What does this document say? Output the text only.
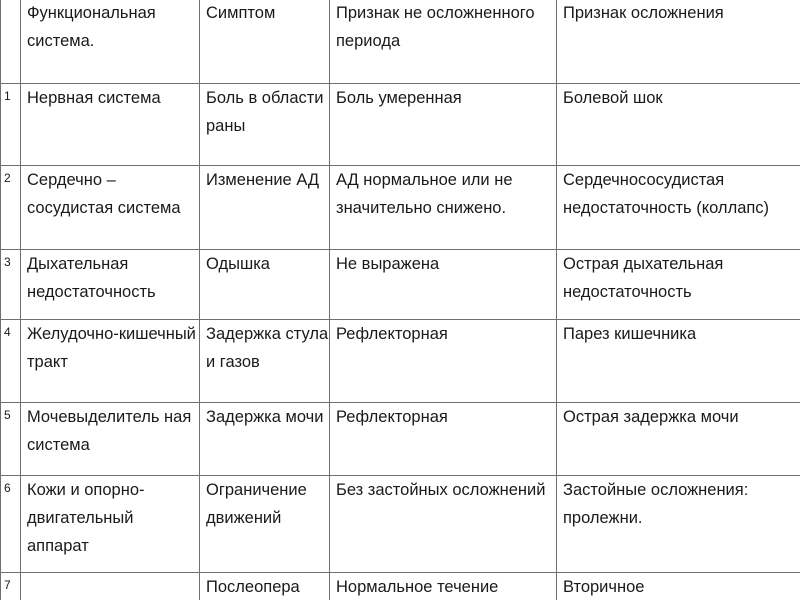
	Функциональная система.	Симптом	Признак не осложненного периода	Признак осложнения

1	Нервная система	Боль в области раны	Боль умеренная	Болевой шок
2	Сердечно – сосудистая система	Изменение АД	АД нормальное или не значительно снижено.	Сердечнососудистая недостаточность (коллапс)
3	Дыхательная недостаточность	Одышка	Не выражена	Острая дыхательная недостаточность
4	Желудочно-кишечный тракт	Задержка стула и газов	Рефлекторная	Парез кишечника
5	Мочевыделитель ная система	Задержка мочи	Рефлекторная	Острая задержка мочи
6	Кожи и опорно-двигательный аппарат	Ограничение движений	Без застойных осложнений	Застойные осложнения: пролежни.
7		Послеопера	Нормальное течение	Вторичное
